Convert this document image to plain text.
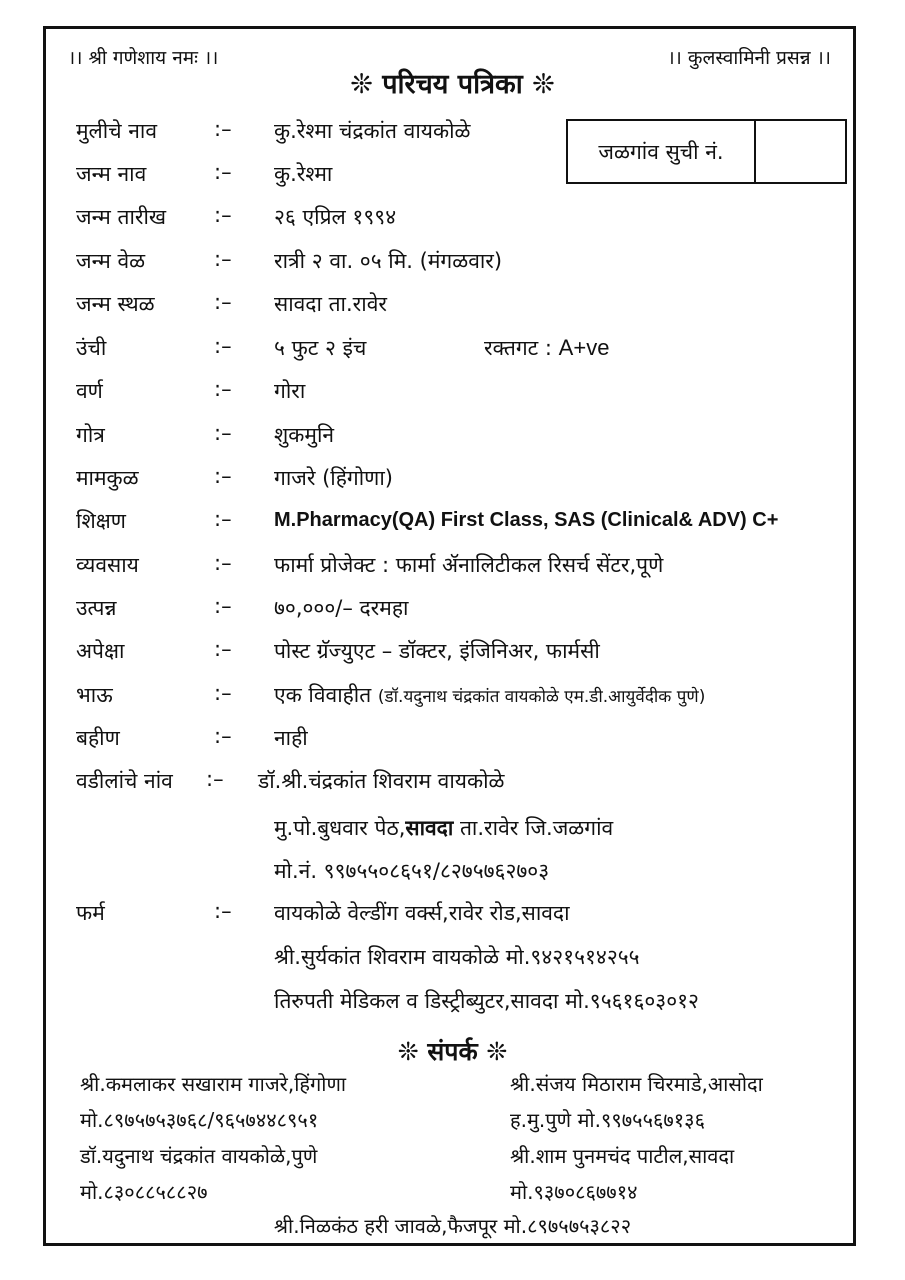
।। श्री गणेशाय नमः ।।	।। कुलस्वामिनी प्रसन्न ।।
❊ परिचय पत्रिका ❊
जळगांव सुची नं.
मुलीचे नाव	:– कु.रेश्मा चंद्रकांत वायकोळे
जन्म नाव	:– कु.रेश्मा
जन्म तारीख :– २६ एप्रिल १९९४
जन्म वेळ	:– रात्री २ वा. ०५ मि. (मंगळवार)
जन्म स्थळ	:– सावदा ता.रावेर
उंची	:– ५ फुट २ इंच	रक्तगट : A+ve
वर्ण	:– गोरा
गोत्र	:– शुकमुनि
मामकुळ	:– गाजरे (हिंगोणा)
शिक्षण	:– M.Pharmacy(QA) First Class, SAS (Clinical& ADV) C+
व्यवसाय	:– फार्मा प्रोजेक्ट : फार्मा ॲनालिटीकल रिसर्च सेंटर,पूणे
उत्पन्न	:– ७०,०००/– दरमहा
अपेक्षा	:– पोस्ट ग्रॅज्युएट – डॉक्टर, इंजिनिअर, फार्मसी
भाऊ	:– एक विवाहीत (डॉ.यदुनाथ चंद्रकांत वायकोळे एम.डी.आयुर्वेदीक पुणे)
बहीण	:– नाही
वडीलांचे नांव :– डॉ.श्री.चंद्रकांत शिवराम वायकोळे
मु.पो.बुधवार पेठ,सावदा ता.रावेर जि.जळगांव
मो.नं. ९९७५५०८६५१/८२७५७६२७०३
फर्म	:– वायकोळे वेल्डींग वर्क्स,रावेर रोड,सावदा
श्री.सुर्यकांत शिवराम वायकोळे मो.९४२१५१४२५५
तिरुपती मेडिकल व डिस्ट्रीब्युटर,सावदा मो.९५६१६०३०१२
❊ संपर्क ❊
श्री.कमलाकर सखाराम गाजरे,हिंगोणा
मो.८९७५७५३७६८/९६५७४४८९५१
डॉ.यदुनाथ चंद्रकांत वायकोळे,पुणे
मो.८३०८८५८८२७
श्री.संजय मिठाराम चिरमाडे,आसोदा
ह.मु.पुणे मो.९९७५५६७१३६
श्री.शाम पुनमचंद पाटील,सावदा
मो.९३७०८६७७१४
श्री.निळकंठ हरी जावळे,फैजपूर मो.८९७५७५३८२२
